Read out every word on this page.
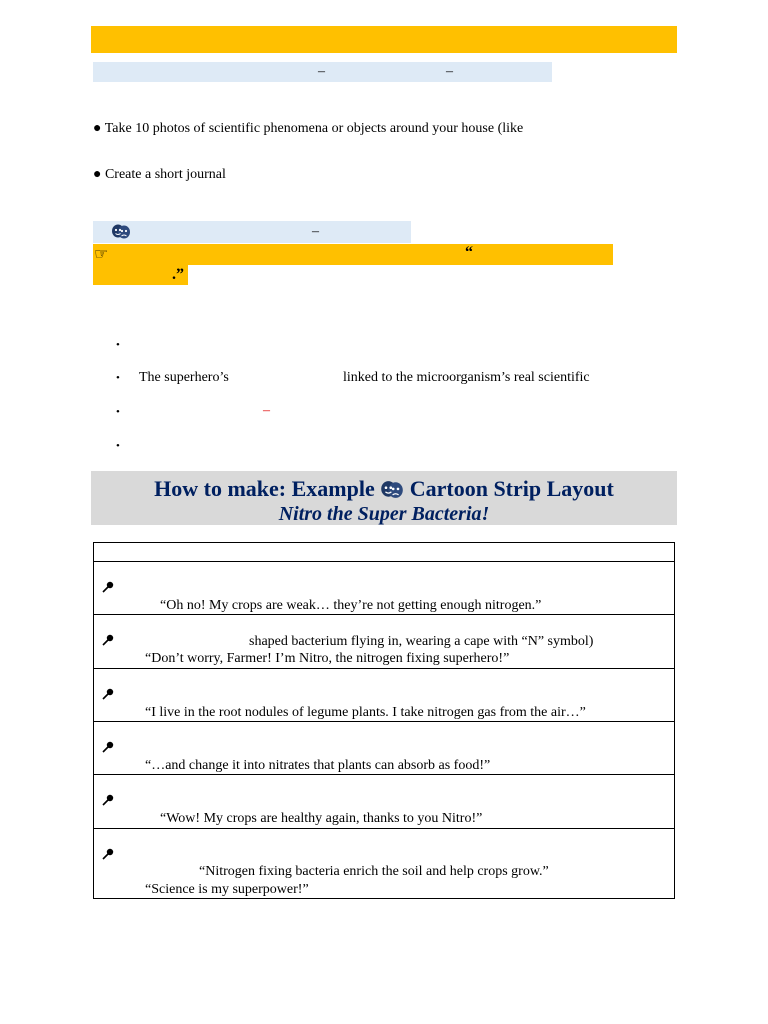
–	–
● Take 10 photos of scientific phenomena or objects around your house (like
● Create a short journal
–
☞	“
.”
•
• The superhero’s	linked to the microorganism’s real scientific
•	–
•
How to make: Example Cartoon Strip Layout
Nitro the Super Bacteria!
“Oh no! My crops are weak… they’re not getting enough nitrogen.”
shaped bacterium flying in, wearing a cape with “N” symbol)
“Don’t worry, Farmer! I’m Nitro, the nitrogen fixing superhero!”
“I live in the root nodules of legume plants. I take nitrogen gas from the air…”
“…and change it into nitrates that plants can absorb as food!”
“Wow! My crops are healthy again, thanks to you Nitro!”
“Nitrogen fixing bacteria enrich the soil and help crops grow.”
“Science is my superpower!”
